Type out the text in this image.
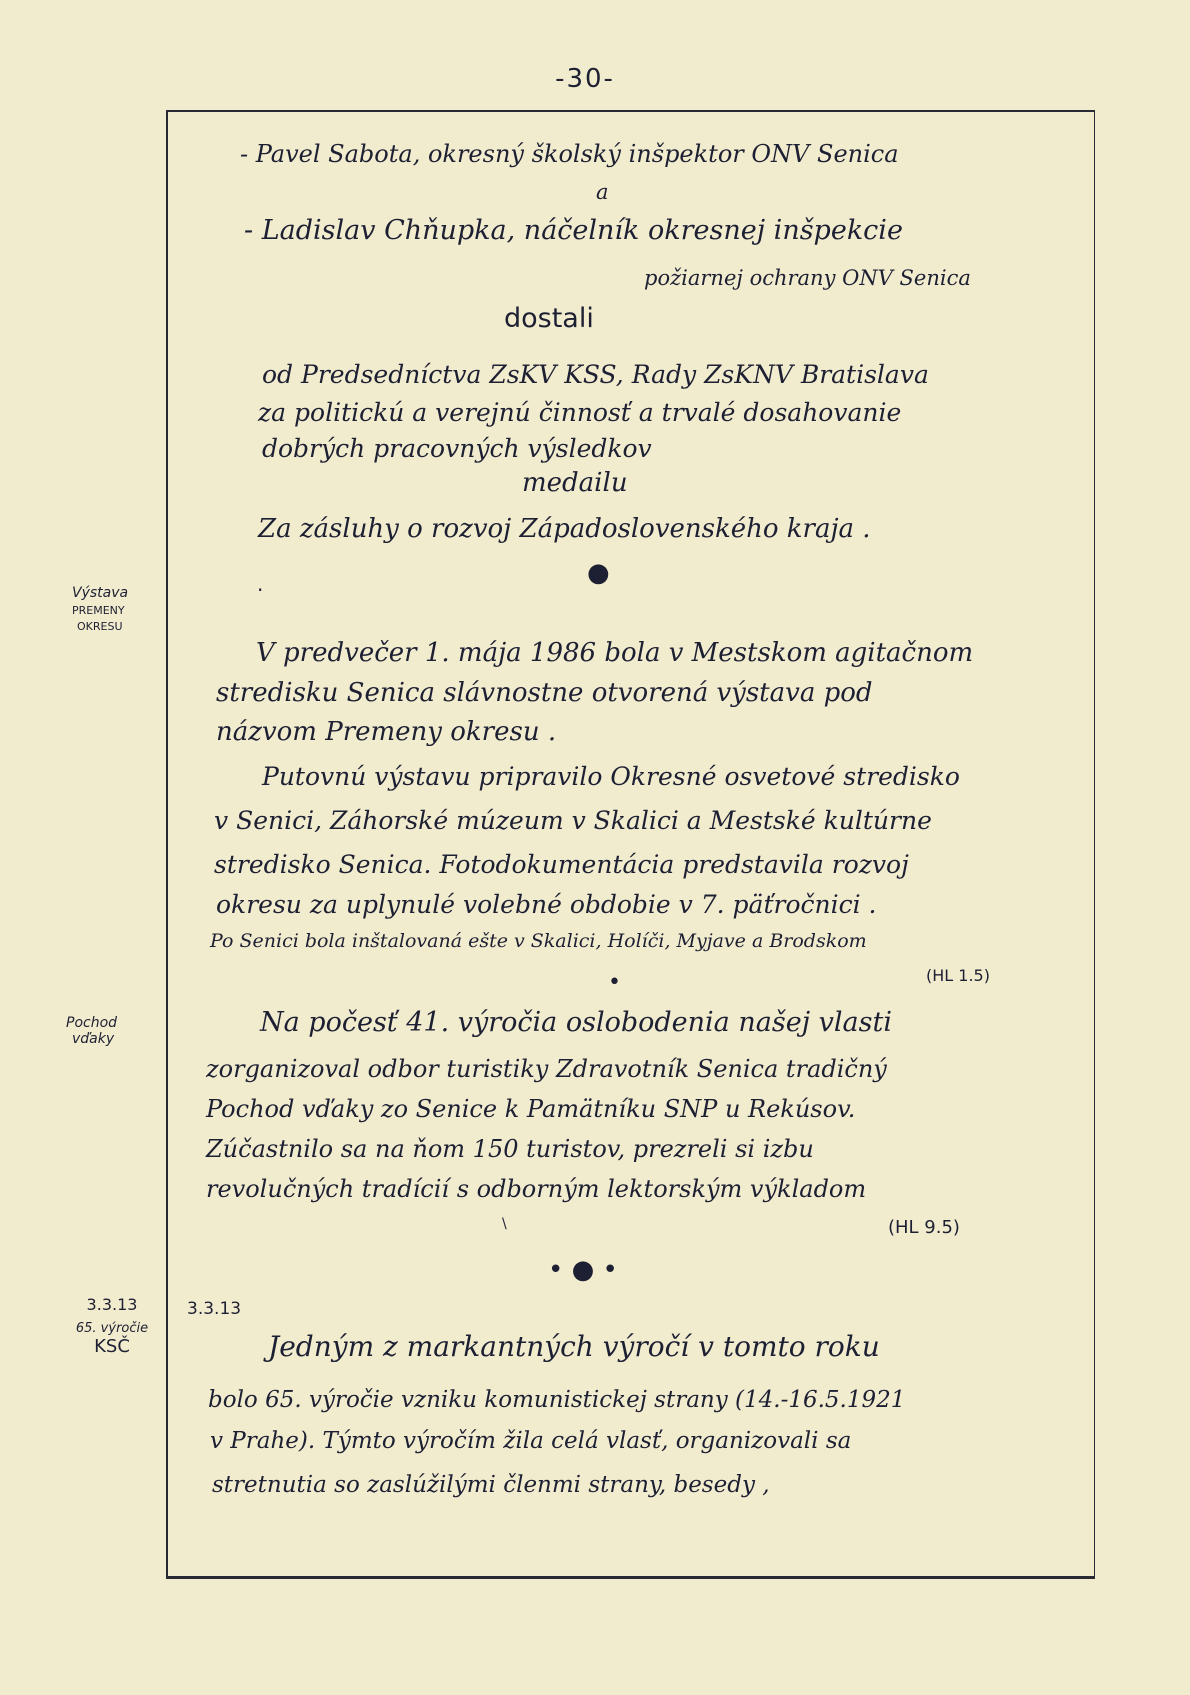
-30-
Výstava
PREMENY
OKRESU
Pochod
vďaky
3.3.13
65. výročie
KSČ
- Pavel Sabota, okresný školský inšpektor ONV Senica
a
- Ladislav Chňupka, náčelník okresnej inšpekcie
požiarnej ochrany ONV Senica
dostali
od Predsedníctva ZsKV KSS, Rady ZsKNV Bratislava
za politickú a verejnú činnosť a trvalé dosahovanie
dobrých pracovných výsledkov
medailu
Za zásluhy o rozvoj Západoslovenského kraja .
●
·
V predvečer 1. mája 1986 bola v Mestskom agitačnom
stredisku Senica slávnostne otvorená výstava pod
názvom Premeny okresu .
Putovnú výstavu pripravilo Okresné osvetové stredisko
v Senici, Záhorské múzeum v Skalici a Mestské kultúrne
stredisko Senica. Fotodokumentácia predstavila rozvoj
okresu za uplynulé volebné obdobie v 7. päťročnici .
Po Senici bola inštalovaná ešte v Skalici, Holíči, Myjave a Brodskom
(HL 1.5)
•
Na počesť 41. výročia oslobodenia našej vlasti
zorganizoval odbor turistiky Zdravotník Senica tradičný
Pochod vďaky zo Senice k Pamätníku SNP u Rekúsov.
Zúčastnilo sa na ňom 150 turistov, prezreli si izbu
revolučných tradícií s odborným lektorským výkladom
(HL 9.5)
\
• ● •
3.3.13
Jedným z markantných výročí v tomto roku
bolo 65. výročie vzniku komunistickej strany (14.-16.5.1921
v Prahe). Týmto výročím žila celá vlasť, organizovali sa
stretnutia so zaslúžilými členmi strany, besedy ,
